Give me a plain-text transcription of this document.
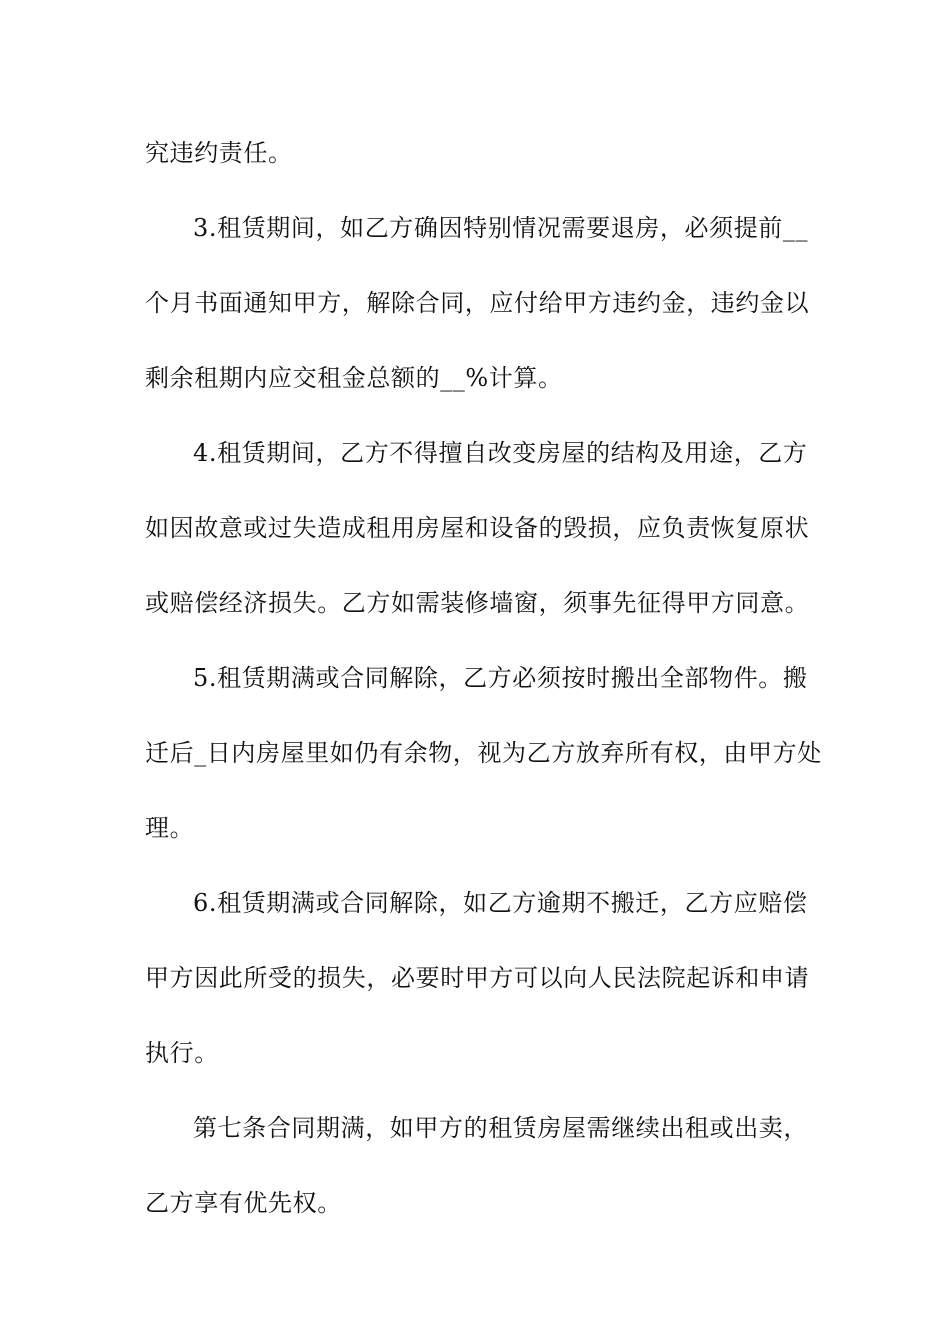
究违约责任。
3.租赁期间，如乙方确因特别情况需要退房，必须提前__
个月书面通知甲方，解除合同，应付给甲方违约金，违约金以
剩余租期内应交租金总额的__%计算。
4.租赁期间，乙方不得擅自改变房屋的结构及用途，乙方
如因故意或过失造成租用房屋和设备的毁损，应负责恢复原状
或赔偿经济损失。乙方如需装修墙窗，须事先征得甲方同意。
5.租赁期满或合同解除，乙方必须按时搬出全部物件。搬
迁后_日内房屋里如仍有余物，视为乙方放弃所有权，由甲方处
理。
6.租赁期满或合同解除，如乙方逾期不搬迁，乙方应赔偿
甲方因此所受的损失，必要时甲方可以向人民法院起诉和申请
执行。
第七条合同期满，如甲方的租赁房屋需继续出租或出卖，
乙方享有优先权。
